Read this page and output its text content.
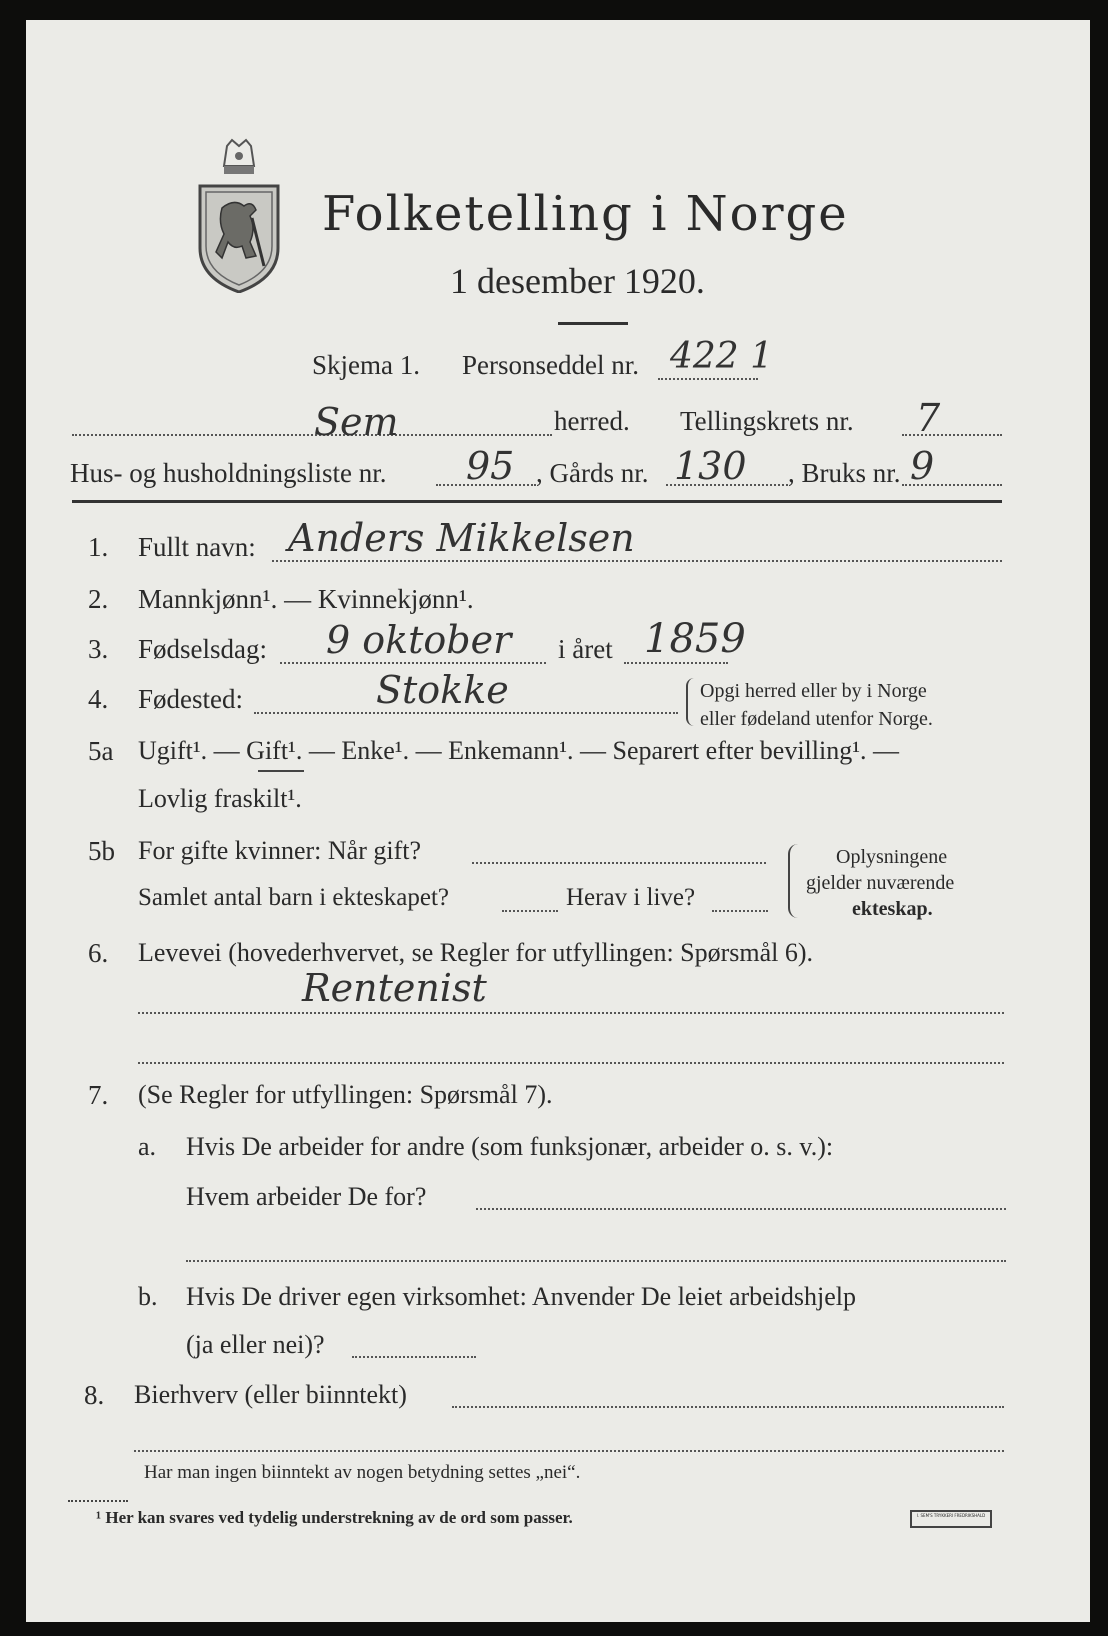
Folketelling i Norge
1 desember 1920.
Skjema 1. Personseddel nr. 422 1
Sem	herred. Tellingskrets nr. 7
Hus- og husholdningsliste nr. 95 , Gårds nr. 130 , Bruks nr. 9
1. Fullt navn: Anders Mikkelsen
2. Mannkjønn¹. — Kvinnekjønn¹.
3. Fødselsdag: 9 oktober i året 1859
4. Fødested:	Stokke	Opgi herred eller by i Norge
eller fødeland utenfor Norge.
5a Ugift¹. — Gift¹. — Enke¹. — Enkemann¹. — Separert efter bevilling¹. —
Lovlig fraskilt¹.
5b For gifte kvinner: Når gift?
Samlet antal barn i ekteskapet?	Herav i live?
Oplysningene
gjelder nuværende
ekteskap.
6. Levevei (hovederhvervet, se Regler for utfyllingen: Spørsmål 6).
Rentenist
7. (Se Regler for utfyllingen: Spørsmål 7).
a. Hvis De arbeider for andre (som funksjonær, arbeider o. s. v.):
Hvem arbeider De for?
b. Hvis De driver egen virksomhet: Anvender De leiet arbeidshjelp
(ja eller nei)?
8. Bierhverv (eller biinntekt)
Har man ingen biinntekt av nogen betydning settes „nei“.
¹ Her kan svares ved tydelig understrekning av de ord som passer.	I. SEM'S TRYKKERI FREDRIKSHALD
